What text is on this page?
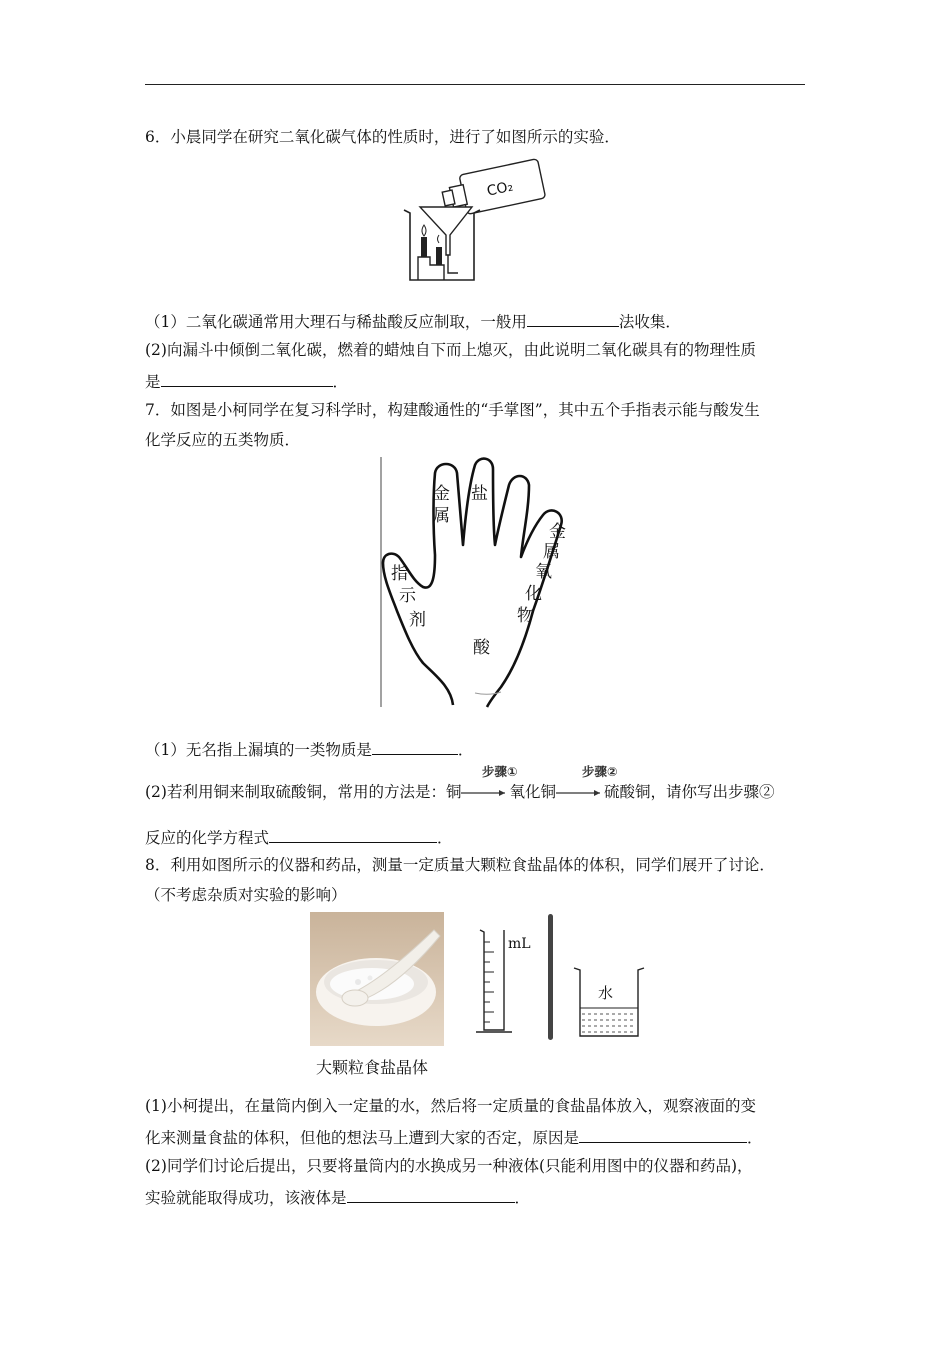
6．小晨同学在研究二氧化碳气体的性质时，进行了如图所示的实验．
CO₂
（1）二氧化碳通常用大理石与稀盐酸反应制取，一般用	法收集．
(2)向漏斗中倾倒二氧化碳，燃着的蜡烛自下而上熄灭，由此说明二氧化碳具有的物理性质
是	．
7．如图是小柯同学在复习科学时，构建酸通性的“手掌图”，其中五个手指表示能与酸发生
化学反应的五类物质．
金
属
盐
金
属
氧
化
物
指
示
剂
酸
（1）无名指上漏填的一类物质是	．
步骤①	步骤②
(2)若利用铜来制取硫酸铜，常用的方法是：铜→氧化铜→硫酸铜，请你写出步骤②
反应的化学方程式	．
8．利用如图所示的仪器和药品，测量一定质量大颗粒食盐晶体的体积，同学们展开了讨论．
（不考虑杂质对实验的影响）
大颗粒食盐晶体
mL
水
(1)小柯提出，在量筒内倒入一定量的水，然后将一定质量的食盐晶体放入，观察液面的变
化来测量食盐的体积，但他的想法马上遭到大家的否定，原因是	．
(2)同学们讨论后提出，只要将量筒内的水换成另一种液体(只能利用图中的仪器和药品)，
实验就能取得成功，该液体是	．
